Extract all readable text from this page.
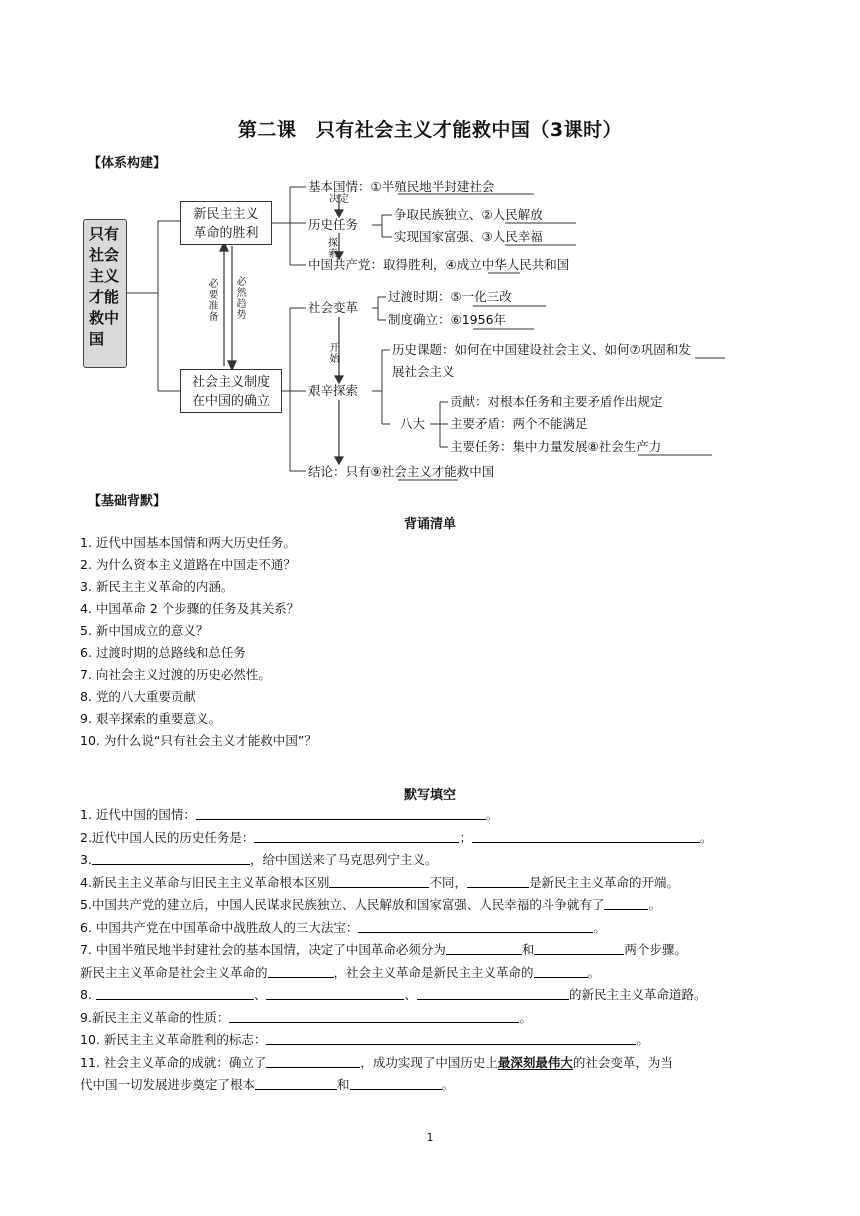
第二课　只有社会主义才能救中国（3课时）
【体系构建】
只有
社会
主义
才能
救中
国
新民主主义
革命的胜利
社会主义制度
在中国的确立
必要准备
必然趋势
决定
探索
开始
基本国情：①半殖民地半封建社会
历史任务
争取民族独立、②人民解放
实现国家富强、③人民幸福
中国共产党：取得胜利，④成立中华人民共和国
社会变革
过渡时期：⑤一化三改
制度确立：⑥1956年
艰辛探索
历史课题：如何在中国建设社会主义、如何⑦巩固和发
展社会主义
八大
贡献：对根本任务和主要矛盾作出规定
主要矛盾：两个不能满足
主要任务：集中力量发展⑧社会生产力
结论：只有⑨社会主义才能救中国
【基础背默】
背诵清单
1. 近代中国基本国情和两大历史任务。
2. 为什么资本主义道路在中国走不通？
3. 新民主主义革命的内涵。
4. 中国革命 2 个步骤的任务及其关系？
5. 新中国成立的意义？
6. 过渡时期的总路线和总任务
7. 向社会主义过渡的历史必然性。
8. 党的八大重要贡献
9. 艰辛探索的重要意义。
10. 为什么说“只有社会主义才能救中国”？
默写填空
1. 近代中国的国情：	。
2.近代中国人民的历史任务是：	；	。
3.	，给中国送来了马克思列宁主义。
4.新民主主义革命与旧民主主义革命根本区别	不同，	是新民主主义革命的开端。
5.中国共产党的建立后，中国人民谋求民族独立、人民解放和国家富强、人民幸福的斗争就有了	。
6. 中国共产党在中国革命中战胜敌人的三大法宝：	。
7. 中国半殖民地半封建社会的基本国情，决定了中国革命必须分为	和	两个步骤。
新民主主义革命是社会主义革命的	，社会主义革命是新民主主义革命的	。
8.	、	、	的新民主主义革命道路。
9.新民主主义革命的性质：	。
10. 新民主主义革命胜利的标志：	。
11. 社会主义革命的成就：确立了	，成功实现了中国历史上最深刻最伟大的社会变革，为当
代中国一切发展进步奠定了根本	和	。
1
